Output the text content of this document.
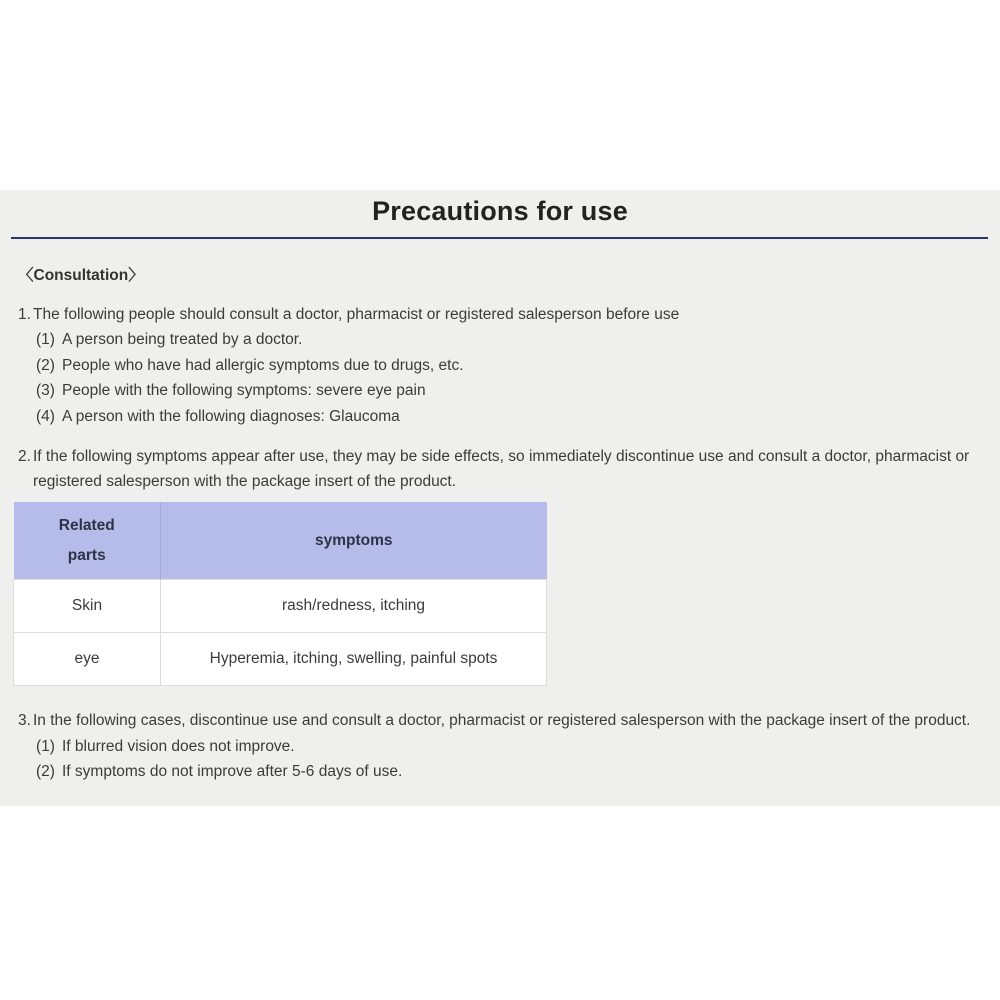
Precautions for use
〈Consultation〉
1. The following people should consult a doctor, pharmacist or registered salesperson before use
(1) A person being treated by a doctor.
(2) People who have had allergic symptoms due to drugs, etc.
(3) People with the following symptoms: severe eye pain
(4) A person with the following diagnoses: Glaucoma
2. If the following symptoms appear after use, they may be side effects, so immediately discontinue use and consult a doctor, pharmacist or registered salesperson with the package insert of the product.
Related parts	symptoms
Skin	rash/redness, itching
eye	Hyperemia, itching, swelling, painful spots
3. In the following cases, discontinue use and consult a doctor, pharmacist or registered salesperson with the package insert of the product.
(1) If blurred vision does not improve.
(2) If symptoms do not improve after 5-6 days of use.
